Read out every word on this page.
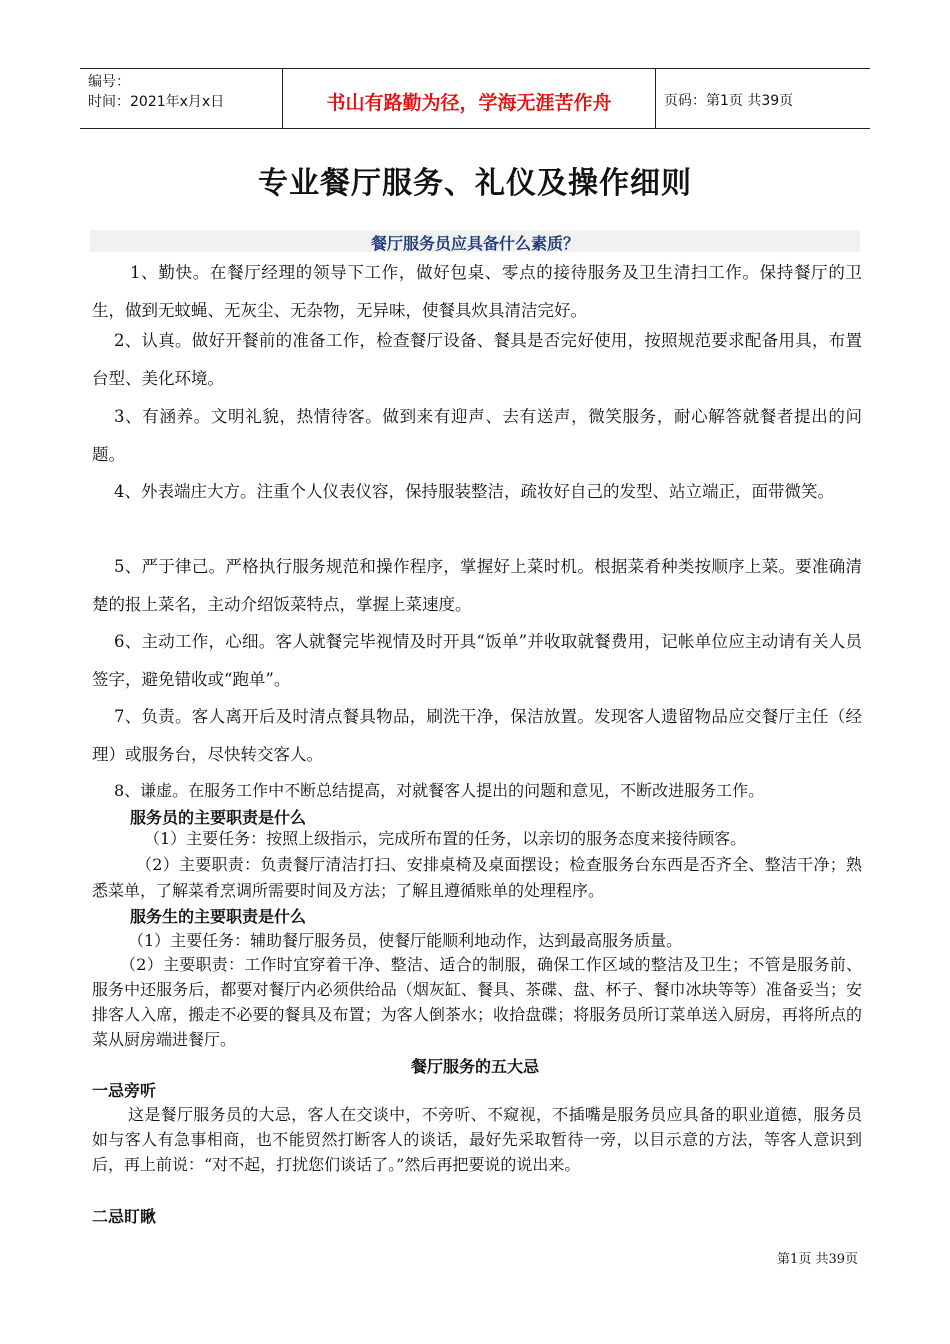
编号：
时间：2021年x月x日	书山有路勤为径，学海无涯苦作舟	页码：第1页 共39页
专业餐厅服务、礼仪及操作细则
餐厅服务员应具备什么素质？
1、勤快。在餐厅经理的领导下工作，做好包桌、零点的接待服务及卫生清扫工作。保持餐厅的卫生，做到无蚊蝇、无灰尘、无杂物，无异味，使餐具炊具清洁完好。
2、认真。做好开餐前的准备工作，检查餐厅设备、餐具是否完好使用，按照规范要求配备用具，布置台型、美化环境。
3、有涵养。文明礼貌，热情待客。做到来有迎声、去有送声，微笑服务，耐心解答就餐者提出的问题。
4、外表端庄大方。注重个人仪表仪容，保持服装整洁，疏妆好自己的发型、站立端正，面带微笑。
5、严于律己。严格执行服务规范和操作程序，掌握好上菜时机。根据菜肴种类按顺序上菜。要准确清楚的报上菜名，主动介绍饭菜特点，掌握上菜速度。
6、主动工作，心细。客人就餐完毕视情及时开具“饭单”并收取就餐费用，记帐单位应主动请有关人员签字，避免错收或“跑单”。
7、负责。客人离开后及时清点餐具物品，刷洗干净，保洁放置。发现客人遗留物品应交餐厅主任（经理）或服务台，尽快转交客人。
8、谦虚。在服务工作中不断总结提高，对就餐客人提出的问题和意见，不断改进服务工作。
服务员的主要职责是什么
（1）主要任务：按照上级指示，完成所布置的任务，以亲切的服务态度来接待顾客。
（2）主要职责：负责餐厅清洁打扫、安排桌椅及桌面摆设；检查服务台东西是否齐全、整洁干净；熟悉菜单，了解菜肴烹调所需要时间及方法；了解且遵循账单的处理程序。
服务生的主要职责是什么
（1）主要任务：辅助餐厅服务员，使餐厅能顺利地动作，达到最高服务质量。
（2）主要职责：工作时宜穿着干净、整洁、适合的制服，确保工作区域的整洁及卫生；不管是服务前、服务中还服务后，都要对餐厅内必须供给品（烟灰缸、餐具、茶碟、盘、杯子、餐巾冰块等等）准备妥当；安排客人入席，搬走不必要的餐具及布置；为客人倒茶水；收拾盘碟；将服务员所订菜单送入厨房，再将所点的菜从厨房端进餐厅。
餐厅服务的五大忌
一忌旁听
这是餐厅服务员的大忌，客人在交谈中，不旁听、不窥视，不插嘴是服务员应具备的职业道德，服务员如与客人有急事相商，也不能贸然打断客人的谈话，最好先采取暂待一旁，以目示意的方法，等客人意识到后，再上前说：“对不起，打扰您们谈话了。”然后再把要说的说出来。
二忌盯瞅
第1页 共39页
